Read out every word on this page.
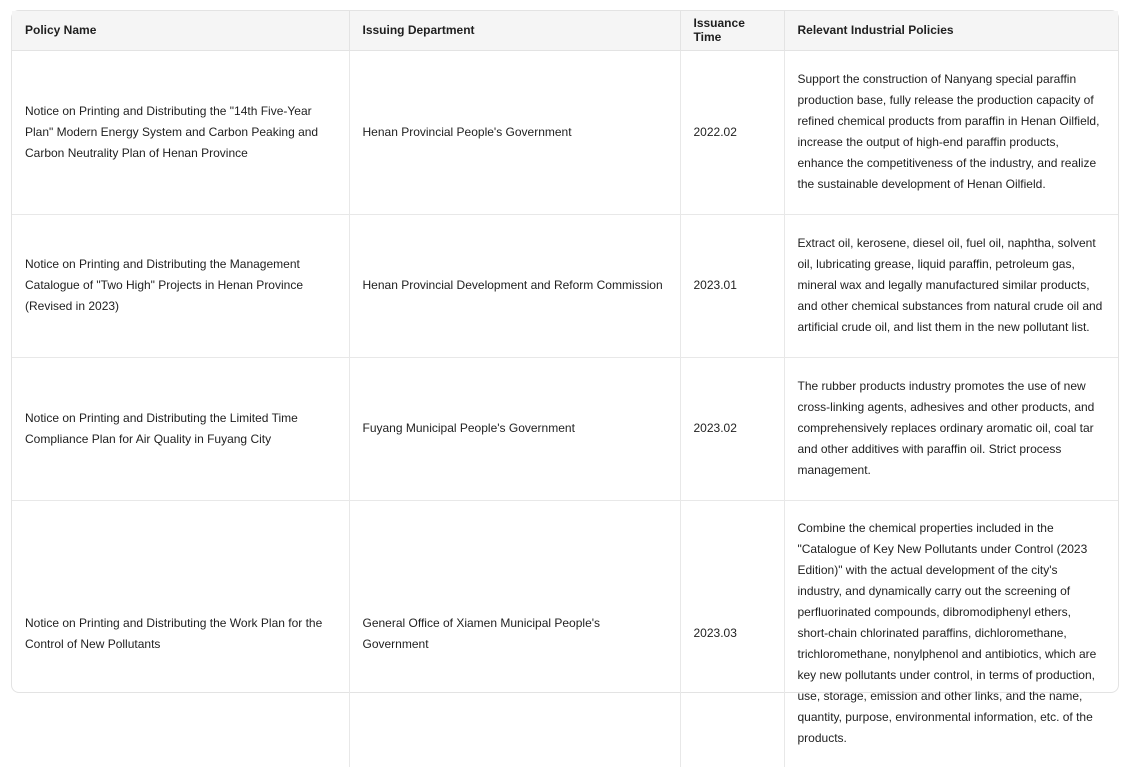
Policy Name	Issuing Department	Issuance Time	Relevant Industrial Policies
Notice on Printing and Distributing the "14th Five-Year Plan" Modern Energy System and Carbon Peaking and Carbon Neutrality Plan of Henan Province	Henan Provincial People's Government	2022.02	Support the construction of Nanyang special paraffin production base, fully release the production capacity of refined chemical products from paraffin in Henan Oilfield, increase the output of high-end paraffin products, enhance the competitiveness of the industry, and realize the sustainable development of Henan Oilfield.
Notice on Printing and Distributing the Management Catalogue of "Two High" Projects in Henan Province (Revised in 2023)	Henan Provincial Development and Reform Commission	2023.01	Extract oil, kerosene, diesel oil, fuel oil, naphtha, solvent oil, lubricating grease, liquid paraffin, petroleum gas, mineral wax and legally manufactured similar products, and other chemical substances from natural crude oil and artificial crude oil, and list them in the new pollutant list.
Notice on Printing and Distributing the Limited Time Compliance Plan for Air Quality in Fuyang City	Fuyang Municipal People's Government	2023.02	The rubber products industry promotes the use of new cross-linking agents, adhesives and other products, and comprehensively replaces ordinary aromatic oil, coal tar and other additives with paraffin oil. Strict process management.
Notice on Printing and Distributing the Work Plan for the Control of New Pollutants	General Office of Xiamen Municipal People's Government	2023.03	Combine the chemical properties included in the "Catalogue of Key New Pollutants under Control (2023 Edition)" with the actual development of the city's industry, and dynamically carry out the screening of perfluorinated compounds, dibromodiphenyl ethers, short-chain chlorinated paraffins, dichloromethane, trichloromethane, nonylphenol and antibiotics, which are key new pollutants under control, in terms of production, use, storage, emission and other links, and the name, quantity, purpose, environmental information, etc. of the products.
